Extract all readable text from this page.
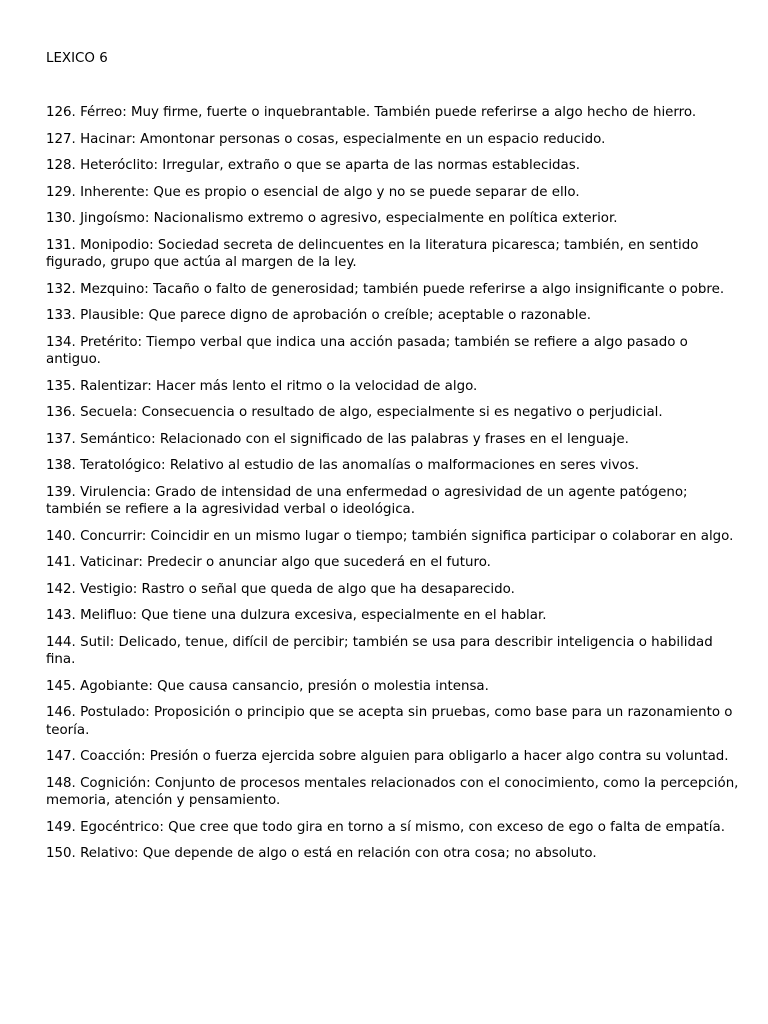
LEXICO 6
126. Férreo: Muy firme, fuerte o inquebrantable. También puede referirse a algo hecho de hierro.
127. Hacinar: Amontonar personas o cosas, especialmente en un espacio reducido.
128. Heteróclito: Irregular, extraño o que se aparta de las normas establecidas.
129. Inherente: Que es propio o esencial de algo y no se puede separar de ello.
130. Jingoísmo: Nacionalismo extremo o agresivo, especialmente en política exterior.
131. Monipodio: Sociedad secreta de delincuentes en la literatura picaresca; también, en sentido figurado, grupo que actúa al margen de la ley.
132. Mezquino: Tacaño o falto de generosidad; también puede referirse a algo insignificante o pobre.
133. Plausible: Que parece digno de aprobación o creíble; aceptable o razonable.
134. Pretérito: Tiempo verbal que indica una acción pasada; también se refiere a algo pasado o antiguo.
135. Ralentizar: Hacer más lento el ritmo o la velocidad de algo.
136. Secuela: Consecuencia o resultado de algo, especialmente si es negativo o perjudicial.
137. Semántico: Relacionado con el significado de las palabras y frases en el lenguaje.
138. Teratológico: Relativo al estudio de las anomalías o malformaciones en seres vivos.
139. Virulencia: Grado de intensidad de una enfermedad o agresividad de un agente patógeno; también se refiere a la agresividad verbal o ideológica.
140. Concurrir: Coincidir en un mismo lugar o tiempo; también significa participar o colaborar en algo.
141. Vaticinar: Predecir o anunciar algo que sucederá en el futuro.
142. Vestigio: Rastro o señal que queda de algo que ha desaparecido.
143. Melifluo: Que tiene una dulzura excesiva, especialmente en el hablar.
144. Sutil: Delicado, tenue, difícil de percibir; también se usa para describir inteligencia o habilidad fina.
145. Agobiante: Que causa cansancio, presión o molestia intensa.
146. Postulado: Proposición o principio que se acepta sin pruebas, como base para un razonamiento o teoría.
147. Coacción: Presión o fuerza ejercida sobre alguien para obligarlo a hacer algo contra su voluntad.
148. Cognición: Conjunto de procesos mentales relacionados con el conocimiento, como la percepción, memoria, atención y pensamiento.
149. Egocéntrico: Que cree que todo gira en torno a sí mismo, con exceso de ego o falta de empatía.
150. Relativo: Que depende de algo o está en relación con otra cosa; no absoluto.
